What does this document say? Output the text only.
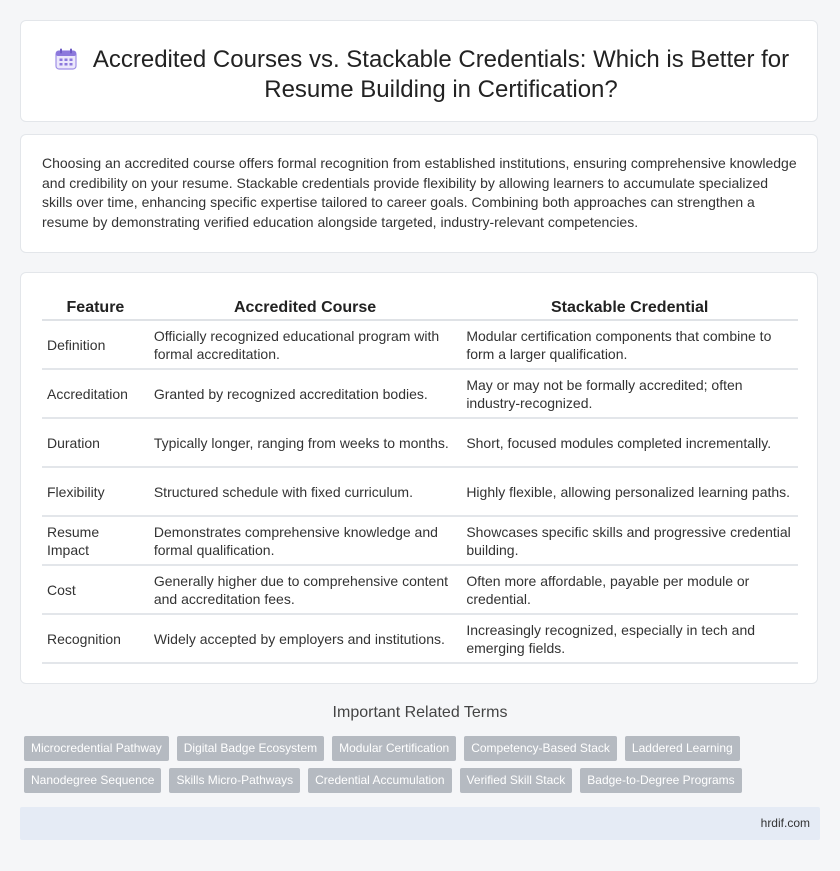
Accredited Courses vs. Stackable Credentials: Which is Better for Resume Building in Certification?

Choosing an accredited course offers formal recognition from established institutions, ensuring comprehensive knowledge and credibility on your resume. Stackable credentials provide flexibility by allowing learners to accumulate specialized skills over time, enhancing specific expertise tailored to career goals. Combining both approaches can strengthen a resume by demonstrating verified education alongside targeted, industry-relevant competencies.

Feature	Accredited Course	Stackable Credential
Definition	Officially recognized educational program with formal accreditation.	Modular certification components that combine to form a larger qualification.
Accreditation	Granted by recognized accreditation bodies.	May or may not be formally accredited; often industry-recognized.
Duration	Typically longer, ranging from weeks to months.	Short, focused modules completed incrementally.
Flexibility	Structured schedule with fixed curriculum.	Highly flexible, allowing personalized learning paths.
Resume Impact	Demonstrates comprehensive knowledge and formal qualification.	Showcases specific skills and progressive credential building.
Cost	Generally higher due to comprehensive content and accreditation fees.	Often more affordable, payable per module or credential.
Recognition	Widely accepted by employers and institutions.	Increasingly recognized, especially in tech and emerging fields.
Important Related Terms
Microcredential Pathway	Digital Badge Ecosystem	Modular Certification	Competency-Based Stack	Laddered Learning
Nanodegree Sequence	Skills Micro-Pathways	Credential Accumulation	Verified Skill Stack	Badge-to-Degree Programs
hrdif.com
